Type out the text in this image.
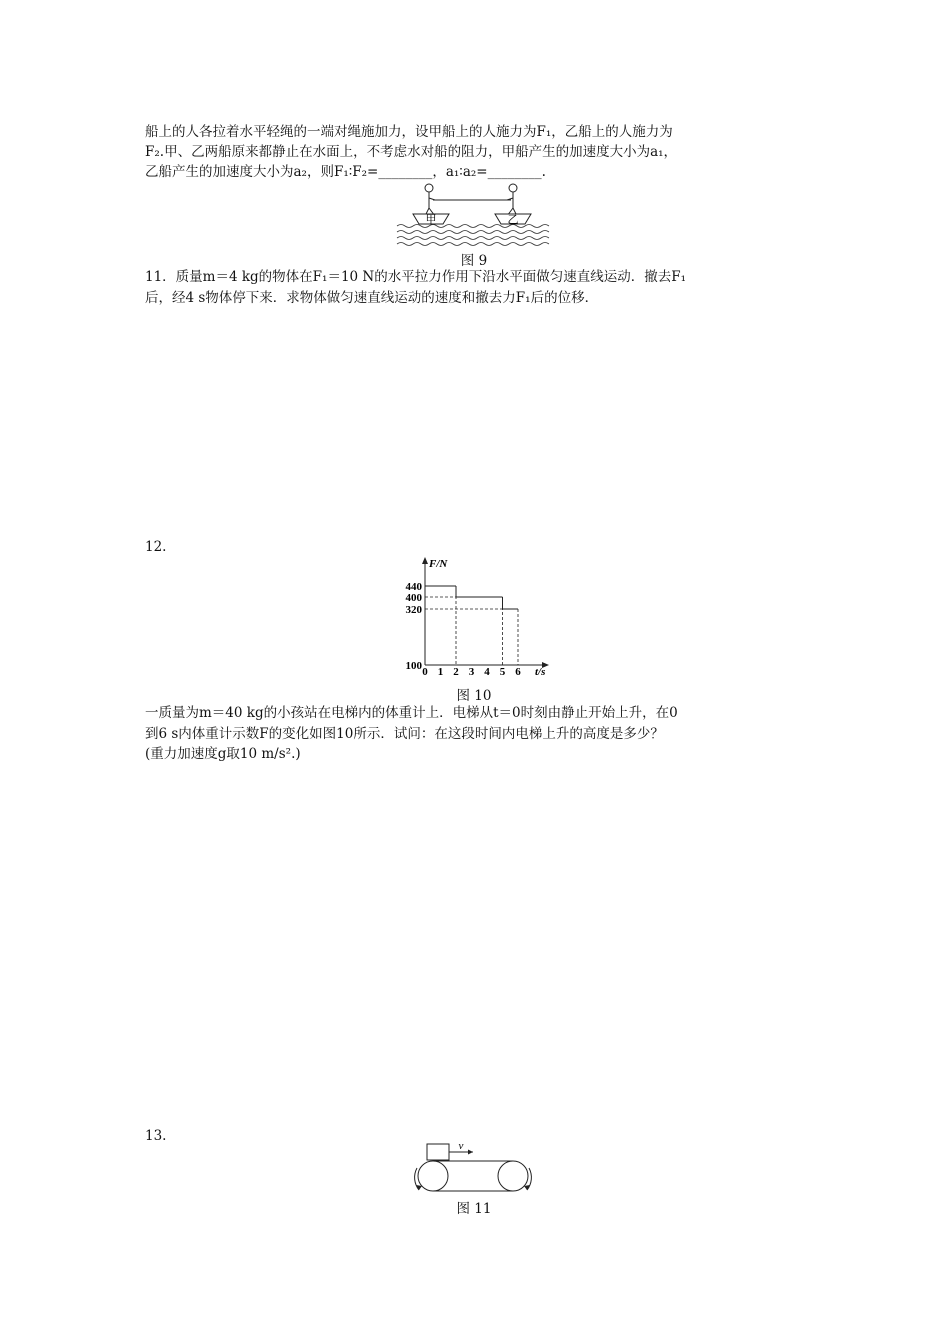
船上的人各拉着水平轻绳的一端对绳施加力，设甲船上的人施力为F₁，乙船上的人施力为
F₂.甲、乙两船原来都静止在水面上，不考虑水对船的阻力，甲船产生的加速度大小为a₁，
乙船产生的加速度大小为a₂，则F₁∶F₂=________，a₁∶a₂=________.
甲	乙
图 9
11．质量m＝4 kg的物体在F₁＝10 N的水平拉力作用下沿水平面做匀速直线运动．撤去F₁
后，经4 s物体停下来．求物体做匀速直线运动的速度和撤去力F₁后的位移．
12.
F/N
t/s
0 1 2 3 4 5 6
100
320
400
440
图 10
一质量为m＝40 kg的小孩站在电梯内的体重计上．电梯从t＝0时刻由静止开始上升，在0
到6 s内体重计示数F的变化如图10所示．试问：在这段时间内电梯上升的高度是多少？
(重力加速度g取10 m/s².)
13.
v
图 11
